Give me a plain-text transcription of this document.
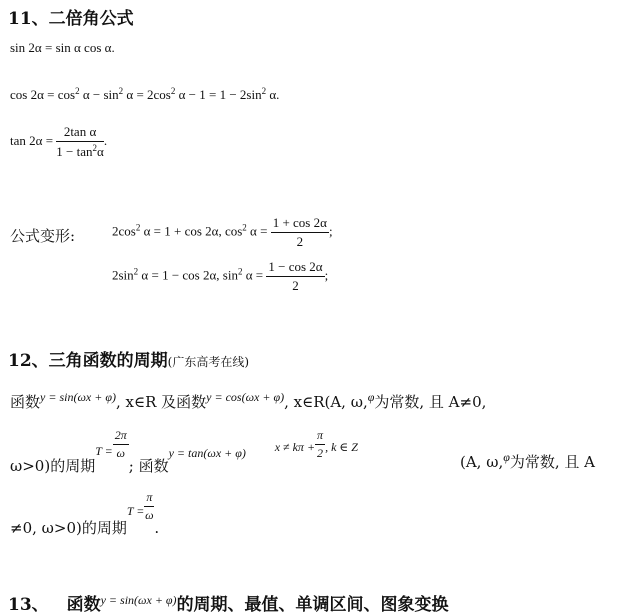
11、二倍角公式
sin 2α = sin α cos α.
$\cos 2\alpha = \cos^2 \alpha - \sin^2 \alpha = 2\cos^2$ $\alpha - 1 = 1 - 2\sin^2$ α.
$\tan 2\alpha = \frac{\text{2tan α}}{1 - \tan^2\alpha}$ .
公式变形:	$2\cos^2$ α = 1 + cos 2α, $\cos^2 \alpha = \frac{1 + \cos 2\alpha}{2}$ ;
$2\sin^2$ α = 1 − cos 2α, $\sin^2 \alpha = \frac{1 - \cos 2\alpha}{2}$ ;
12、三角函数的周期(广东高考在线)
函数$^{y = sin(\omega x + \varphi)}$, x∈R 及函数$^{y = cos(\omega x + \varphi)}$, x∈R(A, ω,$^\varphi$为常数, 且 A≠0,
ω>0)的周期$^{T =} \frac{2\pi}{\omega}$
; 函数$^{y = tan(\omega x + \varphi)}$ $^{x \ne k\pi +} \frac{\pi}{2} ^{, k \in Z}$
(A, ω,$^\varphi$为常数, 且 A
≠0, ω>0)的周期$^{T =} \frac{\pi}{\omega}$
.
13、 函数$^{y = sin(\omega x + \varphi)}$的周期、最值、单调区间、图象变换
